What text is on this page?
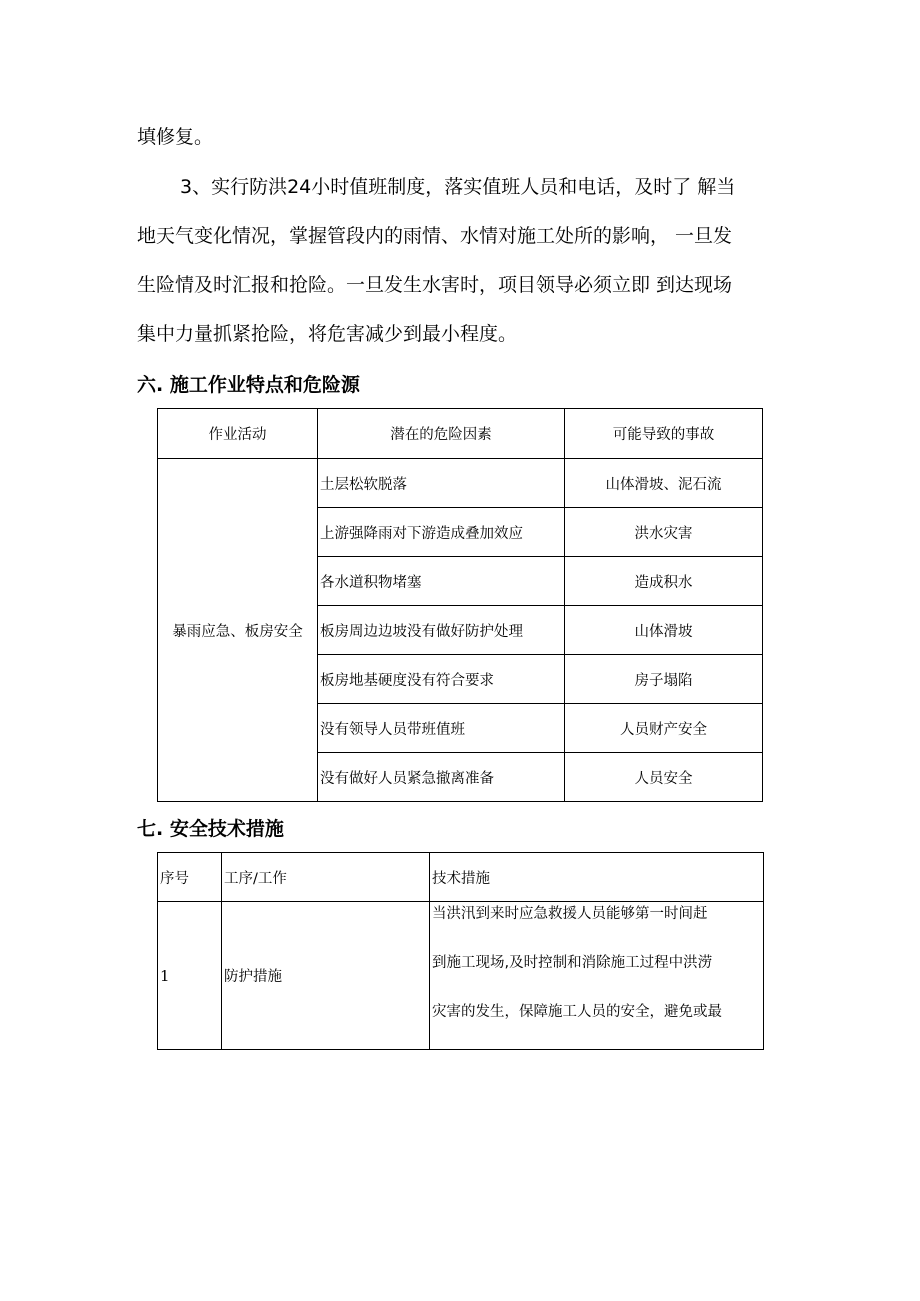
填修复。
3、实行防洪24小时值班制度，落实值班人员和电话，及时了 解当
地天气变化情况，掌握管段内的雨情、水情对施工处所的影响， 一旦发
生险情及时汇报和抢险。一旦发生水害时，项目领导必须立即 到达现场
集中力量抓紧抢险，将危害减少到最小程度。
六. 施工作业特点和危险源
作业活动	潜在的危险因素	可能导致的事故
暴雨应急、板房安全	土层松软脱落	山体滑坡、泥石流
	上游强降雨对下游造成叠加效应	洪水灾害
	各水道积物堵塞	造成积水
	板房周边边坡没有做好防护处理	山体滑坡
	板房地基硬度没有符合要求	房子塌陷
	没有领导人员带班值班	人员财产安全
	没有做好人员紧急撤离准备	人员安全
七. 安全技术措施
序号	工序/工作	技术措施
1	防护措施	当洪汛到来时应急救援人员能够第一时间赶
到施工现场,及时控制和消除施工过程中洪涝
灾害的发生，保障施工人员的安全，避免或最
